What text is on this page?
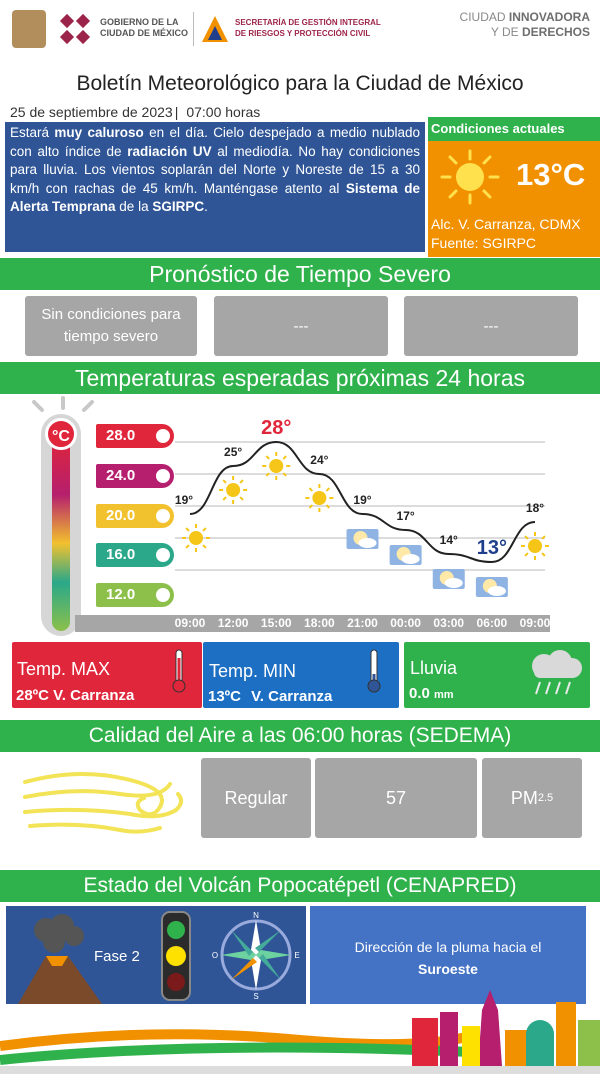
GOBIERNO DE LA
CIUDAD DE MÉXICO
SECRETARÍA DE GESTIÓN INTEGRAL
DE RIESGOS Y PROTECCIÓN CIVIL
CIUDAD INNOVADORA
Y DE DERECHOS
Boletín Meteorológico para la Ciudad de México
25 de septiembre de 2023 | 07:00 horas
Estará muy caluroso en el día. Cielo despejado a medio nublado con alto índice de radiación UV al mediodía. No hay condiciones para lluvia. Los vientos soplarán del Norte y Noreste de 15 a 30 km/h con rachas de 45 km/h. Manténgase atento al Sistema de Alerta Temprana de la SGIRPC.
Condiciones actuales
13°C
Alc. V. Carranza, CDMX
Fuente: SGIRPC
Pronóstico de Tiempo Severo
Sin condiciones para tiempo severo
---	---
Temperaturas esperadas próximas 24 horas
°C	28.0
24.0
20.0
16.0
12.0
19°
25°
28°
24°
19°
17°
14° 13°
18°
09:00	12:00	15:00	18:00	21:00	00:00	03:00	06:00	09:00
Temp. MAX
28ºC V. Carranza
Temp. MIN
13ºC V. Carranza
Lluvia
0.0 mm
Calidad del Aire a las 06:00 horas (SEDEMA)
Regular	57	PM 2.5
Estado del Volcán Popocatépetl (CENAPRED)
Fase 2
N
S
E
O
Dirección de la pluma hacia el
Suroeste
